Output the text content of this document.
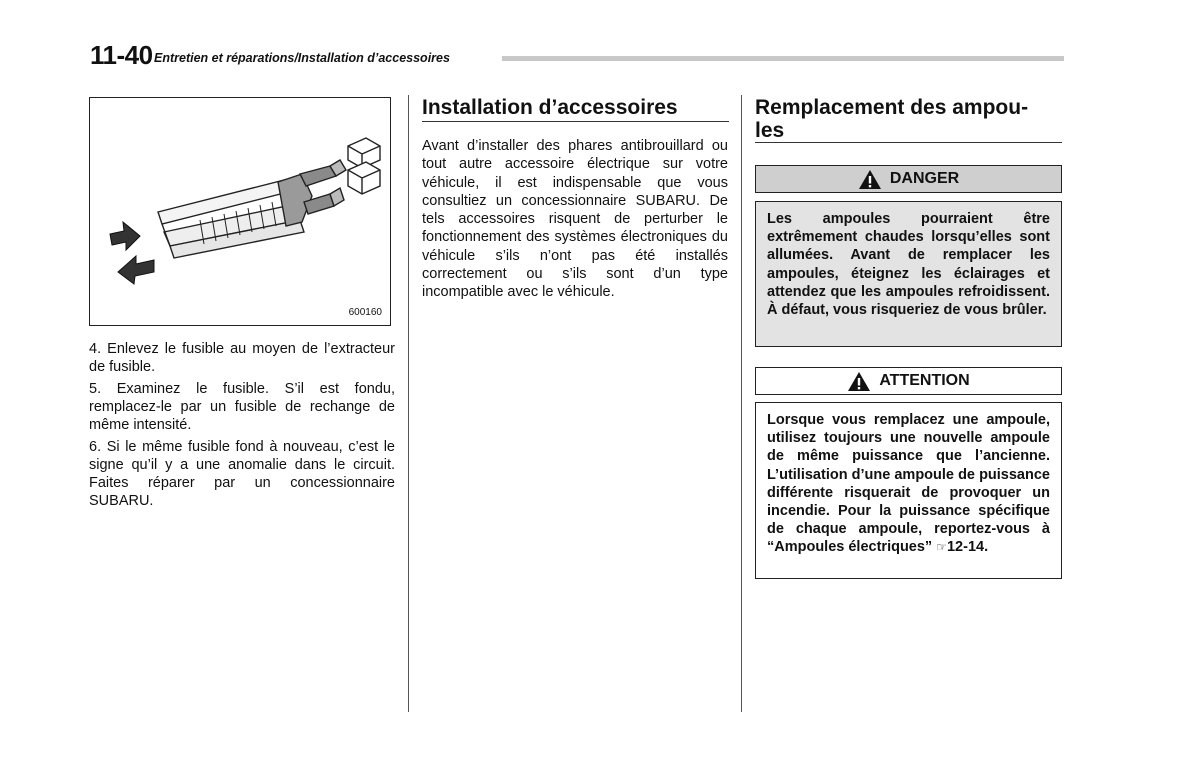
11-40 Entretien et réparations/Installation d’accessoires
600160

4. Enlevez le fusible au moyen de l’extracteur de fusible.

5. Examinez le fusible. S’il est fondu, remplacez-le par un fusible de rechange de même intensité.

6. Si le même fusible fond à nouveau, c’est le signe qu’il y a une anomalie dans le circuit. Faites réparer par un concessionnaire SUBARU.

Installation d’accessoires
Avant d’installer des phares antibrouillard ou tout autre accessoire électrique sur votre véhicule, il est indispensable que vous consultiez un concessionnaire SUBARU. De tels accessoires risquent de perturber le fonctionnement des systèmes électroniques du véhicule s’ils n’ont pas été installés correctement ou s’ils sont d’un type incompatible avec le véhicule.
Remplacement des ampou-
les
DANGER
Les ampoules pourraient être extrêmement chaudes lorsqu’elles sont allumées. Avant de remplacer les ampoules, éteignez les éclairages et attendez que les ampoules refroidissent. À défaut, vous risqueriez de vous brûler.
ATTENTION
Lorsque vous remplacez une ampoule, utilisez toujours une nouvelle ampoule de même puissance que l’ancienne. L’utilisation d’une ampoule de puissance différente risquerait de provoquer un incendie. Pour la puissance spécifique de chaque ampoule, reportez-vous à “Ampoules électriques” ☞12-14.
